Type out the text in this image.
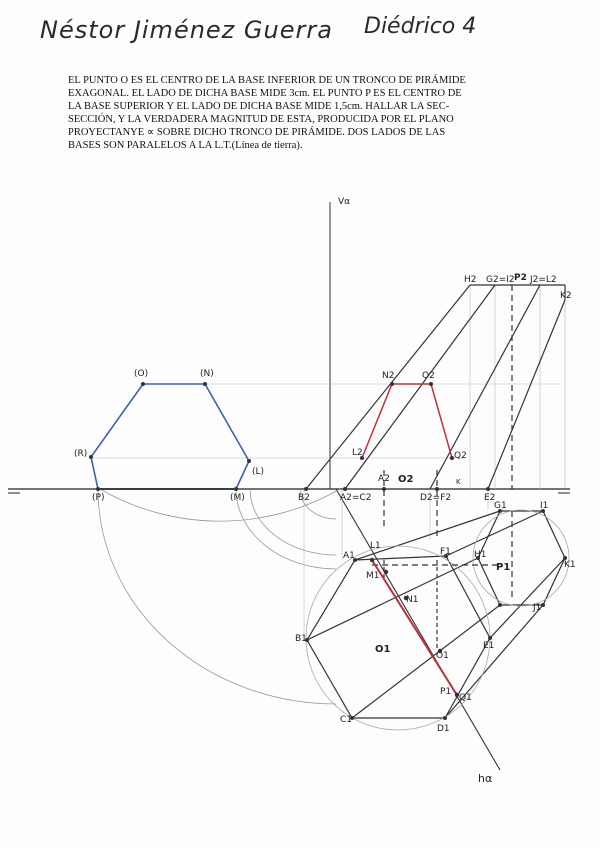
Néstor Jiménez Guerra Diédrico 4

EL PUNTO O ES EL CENTRO DE LA BASE INFERIOR DE UN TRONCO DE PIRÁMIDE

EXAGONAL. EL LADO DE DICHA BASE MIDE 3cm. EL PUNTO P ES EL CENTRO DE

LA BASE SUPERIOR Y EL LADO DE DICHA BASE MIDE 1,5cm. HALLAR LA SEC-

SECCIÓN, Y LA VERDADERA MAGNITUD DE ESTA, PRODUCIDA POR EL PLANO

PROYECTANYE ∝ SOBRE DICHO TRONCO DE PIRÁMIDE. DOS LADOS DE LAS

BASES SON PARALELOS A LA L.T.(Línea de tierra).

Vα
hα
H2 G2=I2 P2 J2=L2
K2
N2	O2
L2	Q2
A2 O2
B2	A2=C2	D2=F2	E2
K
(O)	(N)
(R)
(L)
(P)	(M)
G1	I1
L1
A1	H1
K1
M1
F1
P1
J1
N1
B1
E1
O1
O1
P1
Q1
C1
D1
